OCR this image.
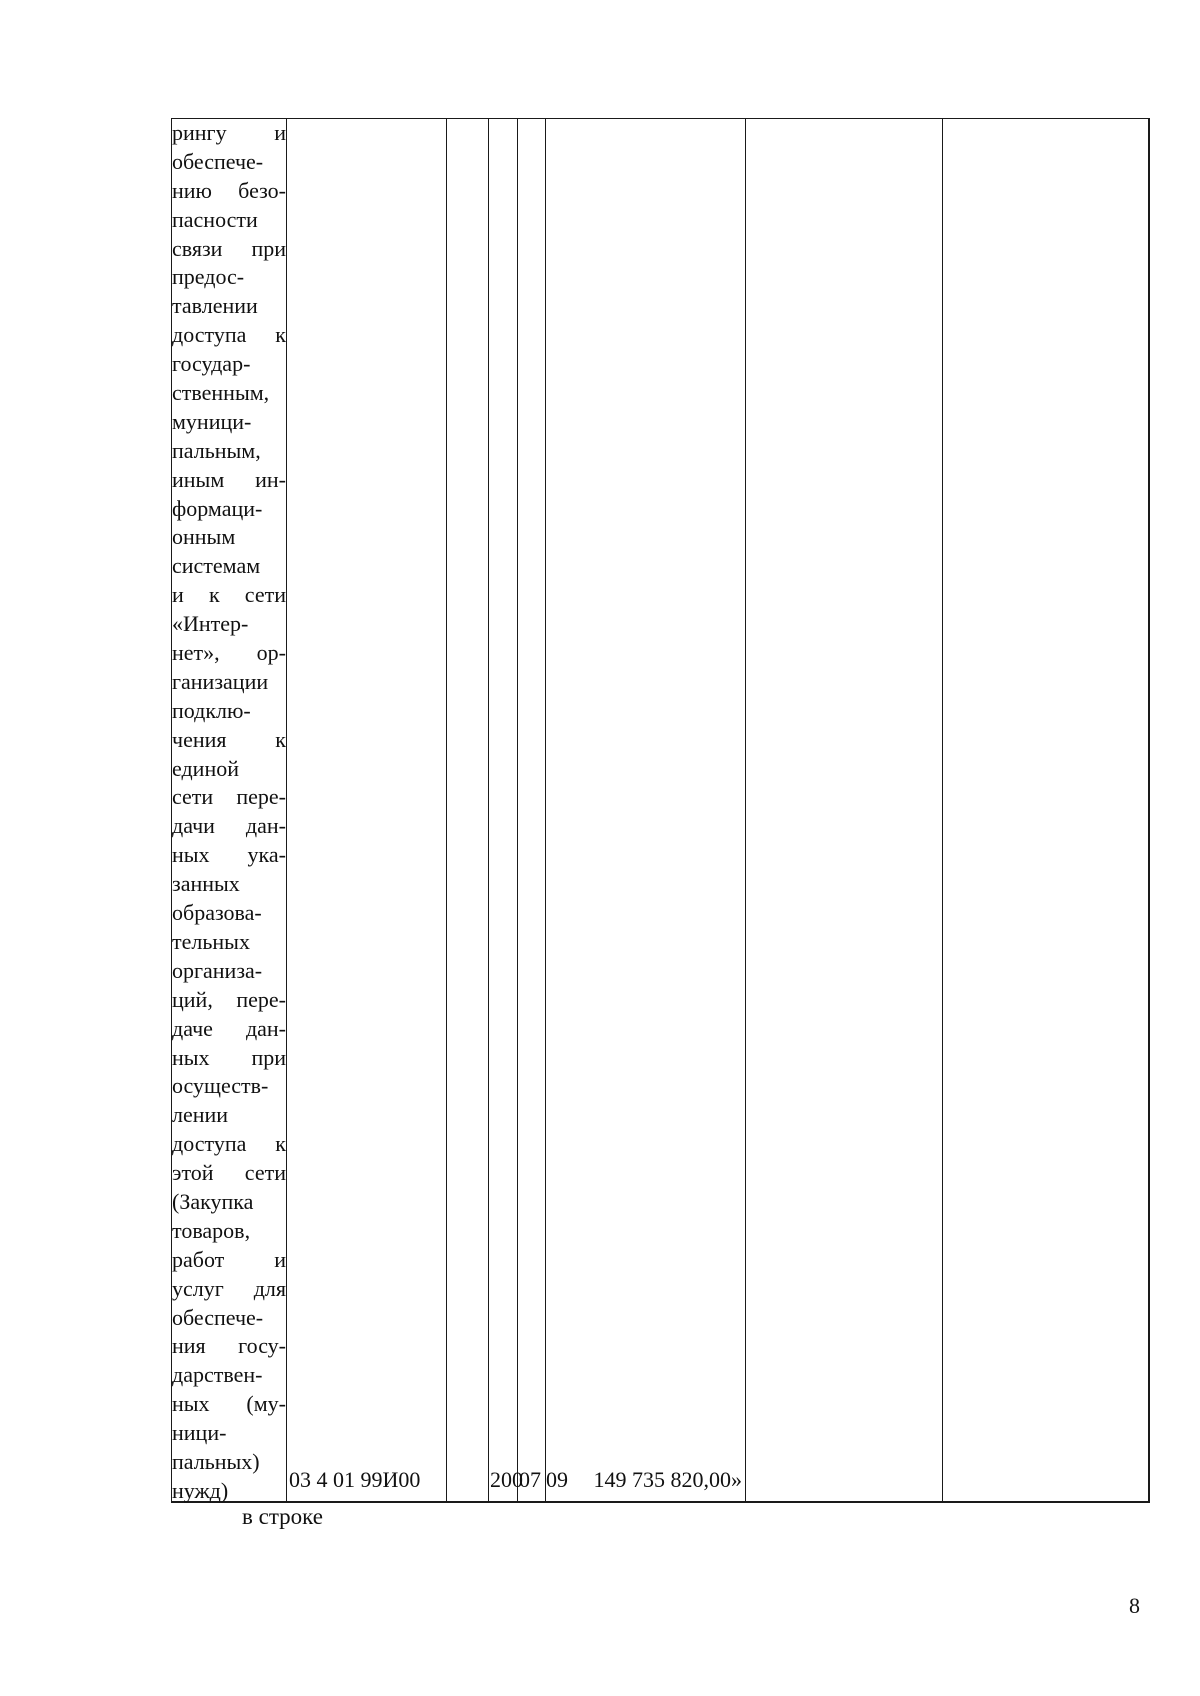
рингу и
обеспече-
нию безо-
пасности
связи при
предос-
тавлении
доступа к
государ-
ственным,
муници-
пальным,
иным ин-
формаци-
онным
системам
и к сети
«Интер-
нет», ор-
ганизации
подклю-
чения к
единой
сети пере-
дачи дан-
ных ука-
занных
образова-
тельных
организа-
ций, пере-
даче дан-
ных при
осуществ-
лении
доступа к
этой сети
(Закупка
товаров,
работ и
услуг для
обеспече-
ния госу-
дарствен-
ных (му-
ници-
пальных)
нужд)	03 4 01 99И00	200
07 09 149 735 820,00»
в строке
8
